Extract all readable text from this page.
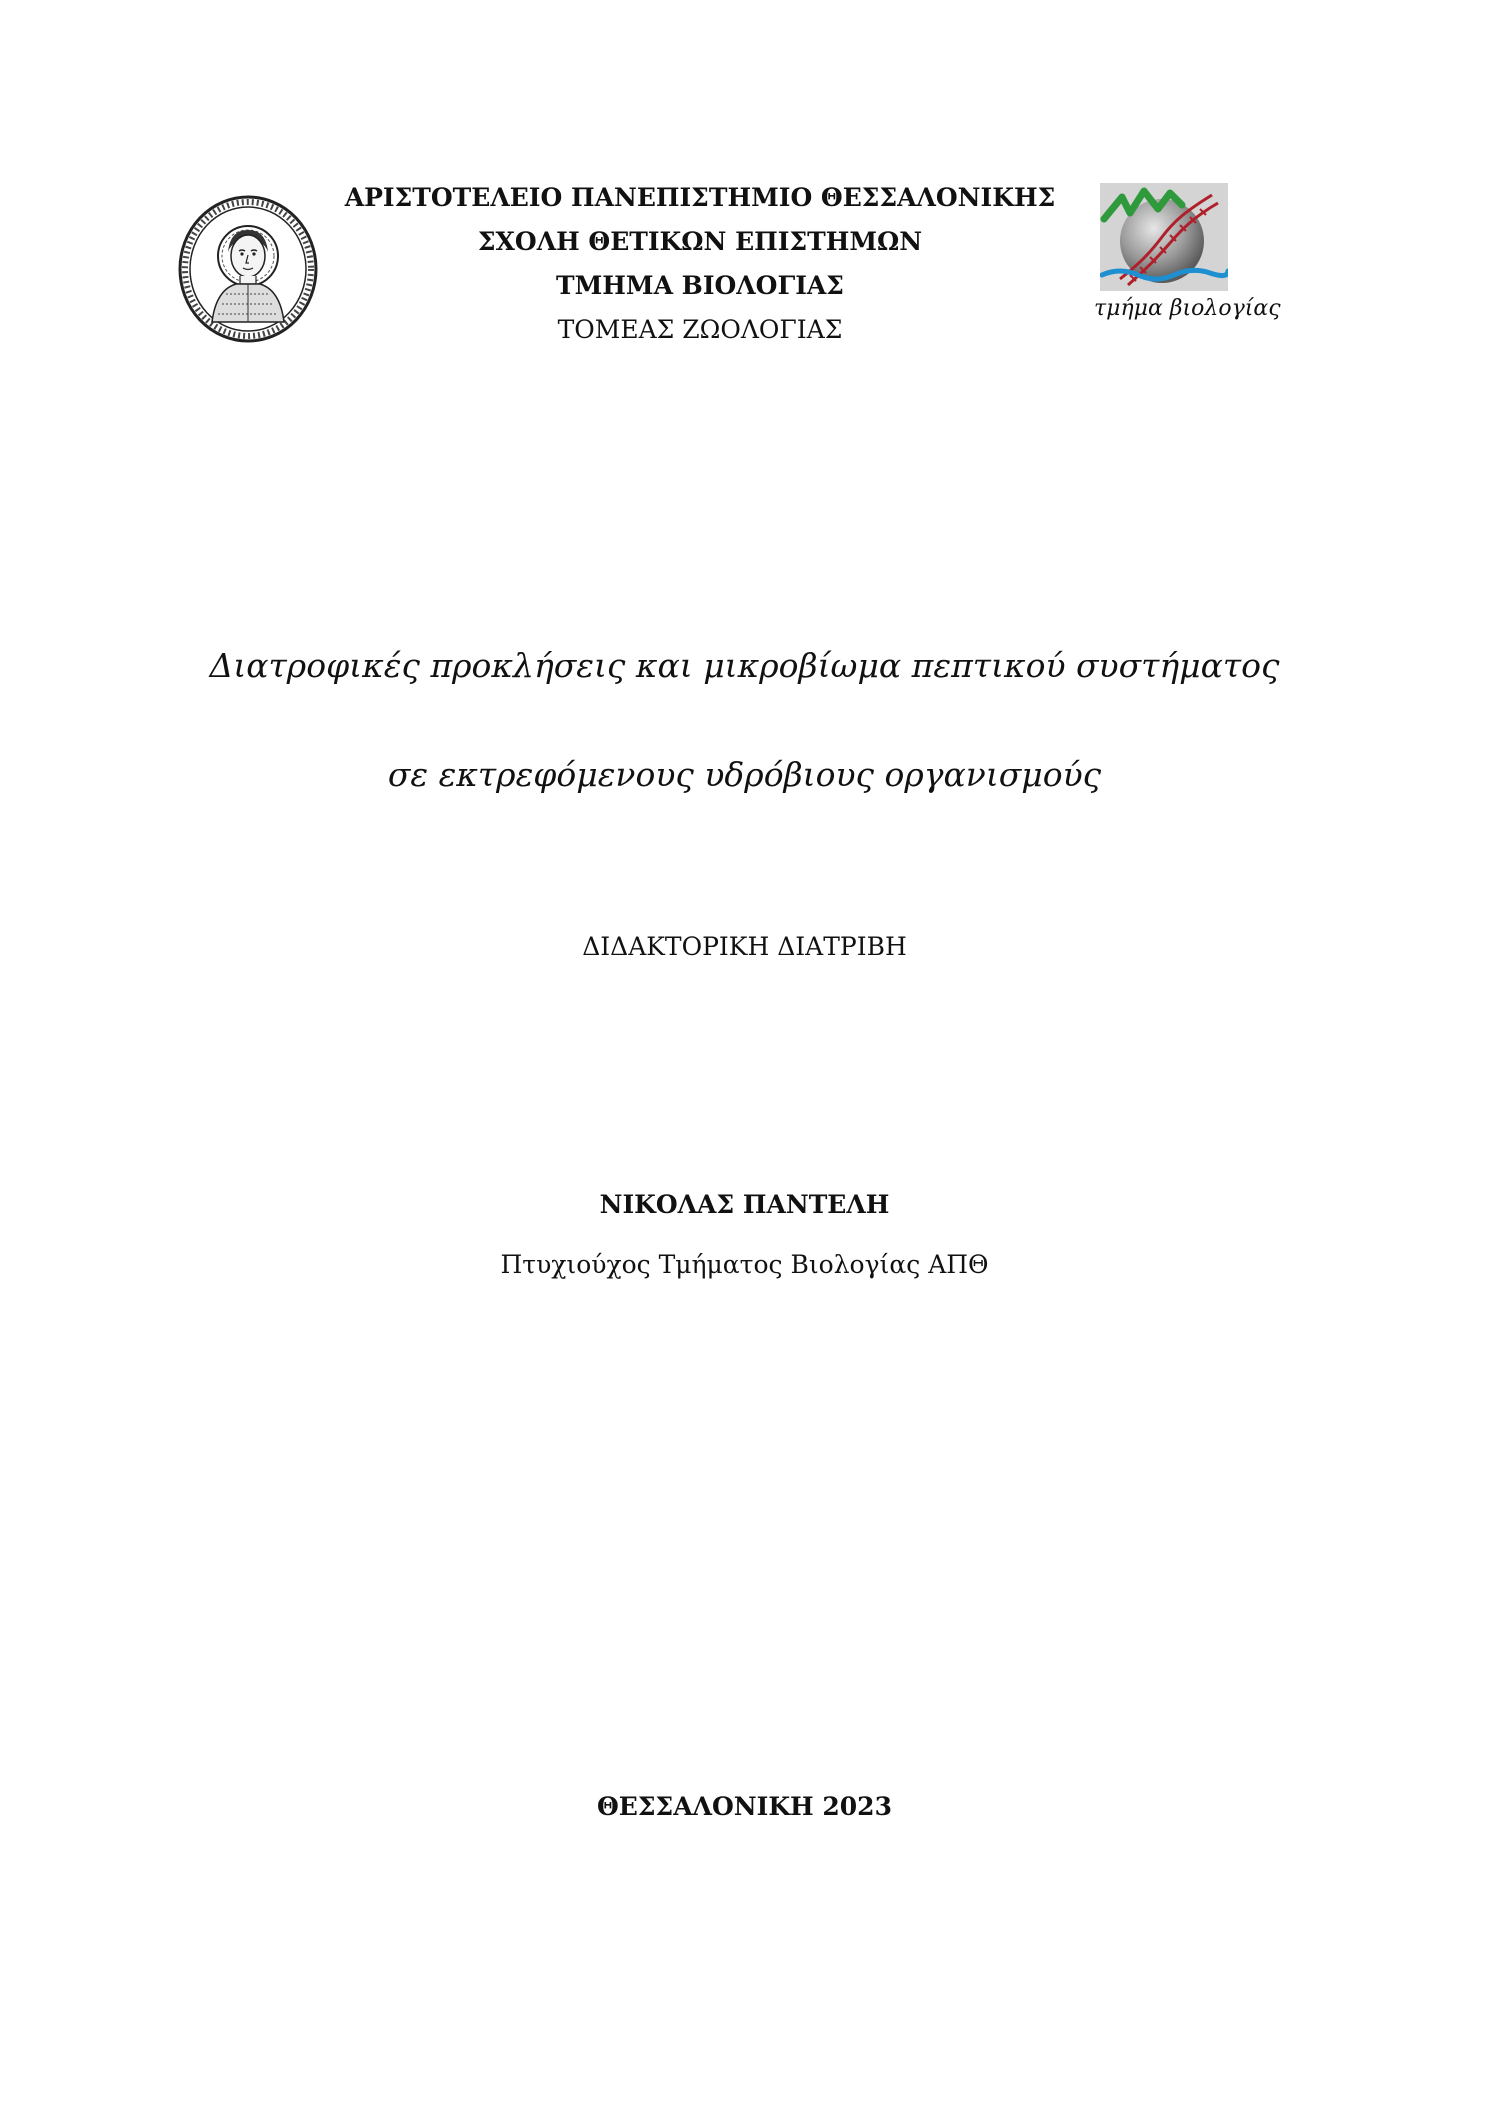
ΑΡΙΣΤΟΤΕΛΕΙΟ ΠΑΝΕΠΙΣΤΗΜΙΟ ΘΕΣΣΑΛΟΝΙΚΗΣ
ΣΧΟΛΗ ΘΕΤΙΚΩΝ ΕΠΙΣΤΗΜΩΝ
ΤΜΗΜΑ ΒΙΟΛΟΓΙΑΣ
ΤΟΜΕΑΣ ΖΩΟΛΟΓΙΑΣ
τμήμα βιολογίας
Διατροφικές προκλήσεις και μικροβίωμα πεπτικού συστήματος
σε εκτρεφόμενους υδρόβιους οργανισμούς
ΔΙΔΑΚΤΟΡΙΚΗ ΔΙΑΤΡΙΒΗ
ΝΙΚΟΛΑΣ ΠΑΝΤΕΛΗ
Πτυχιούχος Τμήματος Βιολογίας ΑΠΘ
ΘΕΣΣΑΛΟΝΙΚΗ 2023
